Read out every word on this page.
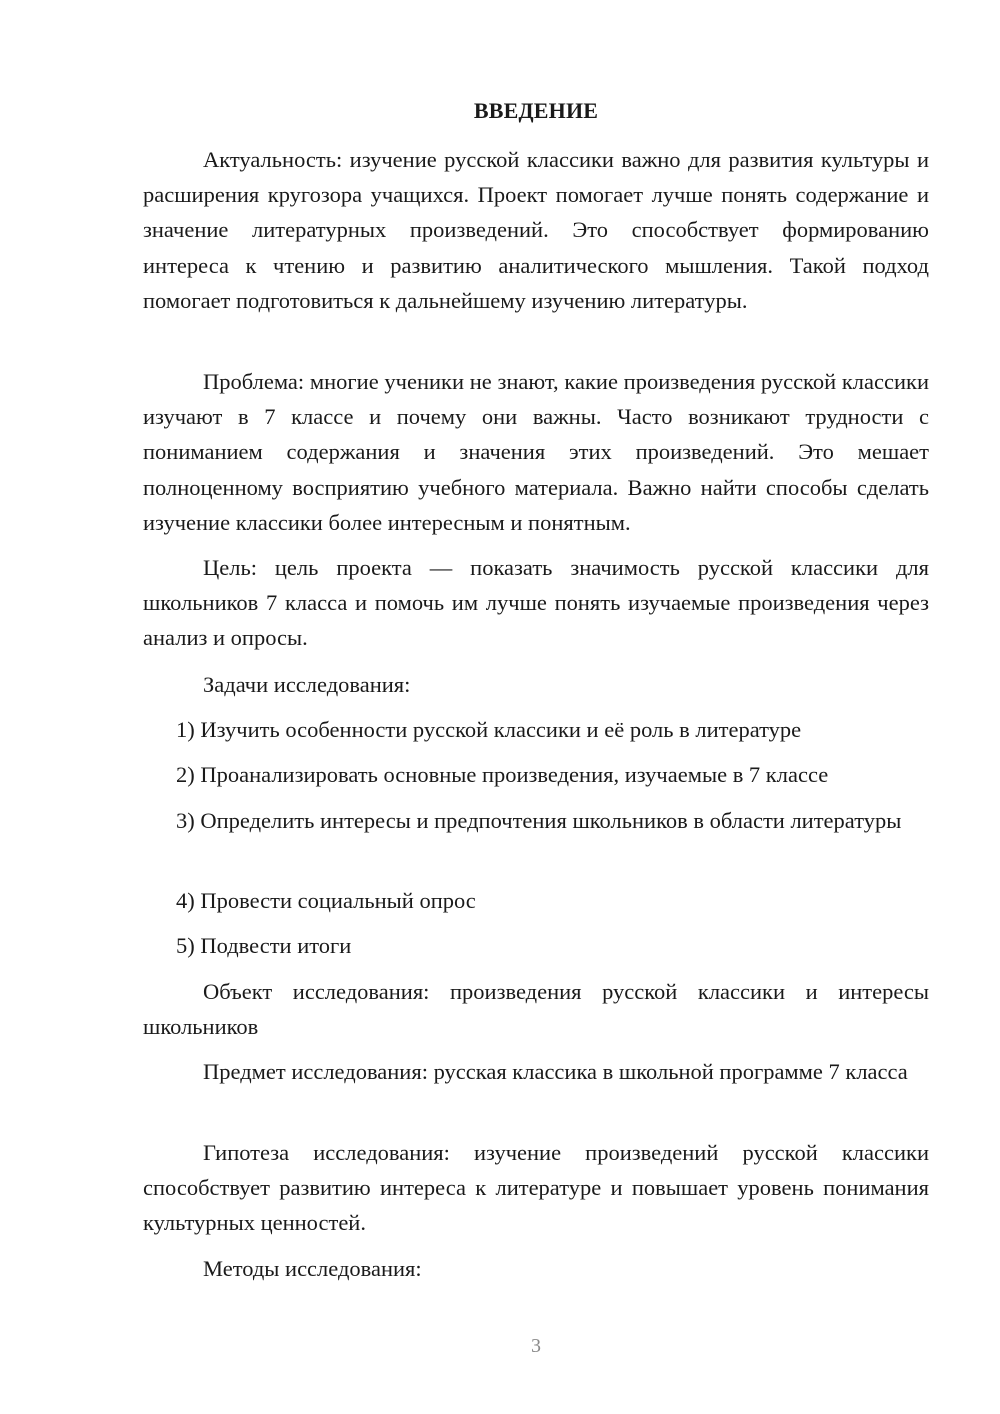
ВВЕДЕНИЕ

Актуальность: изучение русской классики важно для развития культуры и расширения кругозора учащихся. Проект помогает лучше понять содержание и значение литературных произведений. Это способствует формированию интереса к чтению и развитию аналитического мышления. Такой подход помогает подготовиться к дальнейшему изучению литературы.

Проблема: многие ученики не знают, какие произведения русской классики изучают в 7 классе и почему они важны. Часто возникают трудности с пониманием содержания и значения этих произведений. Это мешает полноценному восприятию учебного материала. Важно найти способы сделать изучение классики более интересным и понятным.

Цель: цель проекта — показать значимость русской классики для школьников 7 класса и помочь им лучше понять изучаемые произведения через анализ и опросы.

Задачи исследования:

1) Изучить особенности русской классики и её роль в литературе

2) Проанализировать основные произведения, изучаемые в 7 классе

3) Определить интересы и предпочтения школьников в области литературы

4) Провести социальный опрос

5) Подвести итоги

Объект исследования: произведения русской классики и интересы школьников

Предмет исследования: русская классика в школьной программе 7 класса

Гипотеза исследования: изучение произведений русской классики способствует развитию интереса к литературе и повышает уровень понимания культурных ценностей.

Методы исследования:

3
